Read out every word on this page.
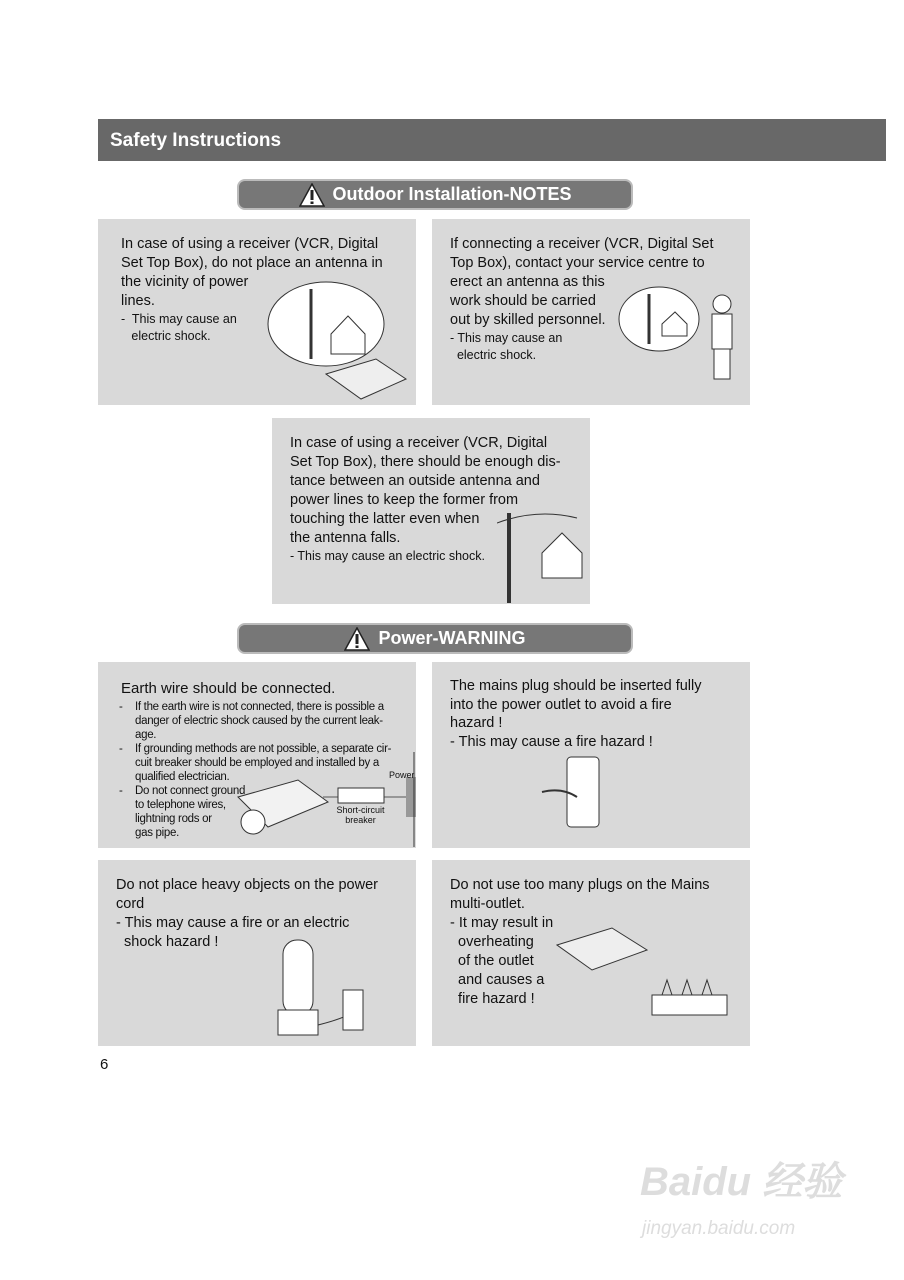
Safety Instructions
Outdoor Installation-NOTES
In case of using a receiver (VCR, Digital
Set Top Box), do not place an antenna in
the vicinity of power
lines.
-  This may cause an
electric shock.
If connecting a receiver (VCR, Digital Set
Top Box), contact your service centre to
erect an antenna as this
work should be carried
out by skilled personnel.
- This may cause an
electric shock.
In case of using a receiver (VCR, Digital
Set Top Box), there should be enough dis-
tance between an outside antenna and
power lines to keep the former from
touching the latter even when
the antenna falls.
- This may cause an electric shock.
Power-WARNING
Earth wire should be connected.
-	If the earth wire is not connected, there is possible a
danger of electric shock caused by the current leak-
age.
-	If grounding methods are not possible, a separate cir-
cuit breaker should be employed and installed by a
qualified electrician.
-	Do not connect ground
to telephone wires,
lightning rods or
gas pipe.
Power
Short-circuit
breaker
The mains plug should be inserted fully
into the power outlet to avoid a fire
hazard !
- This may cause a fire hazard !
Do not place heavy objects on the power
cord
- This may cause a fire or an electric
shock hazard !
Do not use too many plugs on the Mains
multi-outlet.
- It may result in
overheating
of the outlet
and causes a
fire hazard !
6
Baidu 经验
jingyan.baidu.com
